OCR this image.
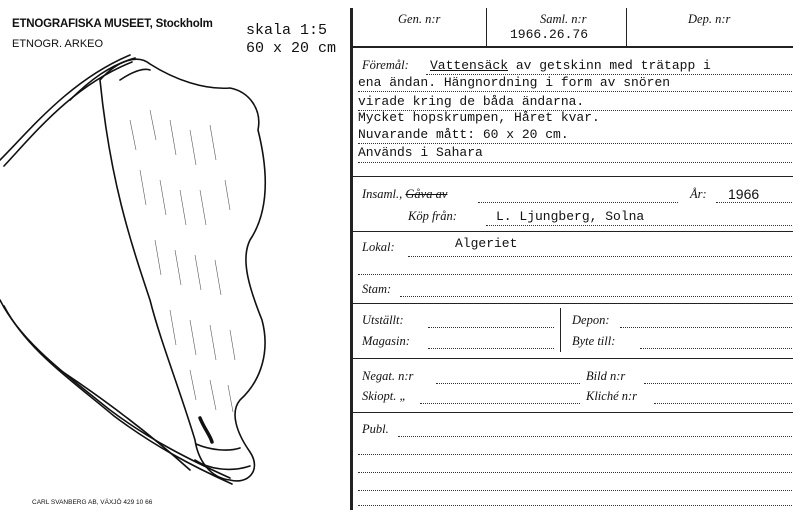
ETNOGRAFISKA MUSEET, Stockholm
ETNOGR. ARKEO
skala 1:5
60 x 20 cm
CARL SVANBERG AB, VÄXJÖ 429 10 66
Gen. n:r	Saml. n:r
1966.26.76
Dep. n:r
Föremål: Vattensäck av getskinn med trätapp i
ena ändan. Hängnordning i form av snören
virade kring de båda ändarna.
Mycket hopskrumpen, Håret kvar.
Nuvarande mått: 60 x 20 cm.
Används i Sahara
Insaml., Gåva av	År: 1966
Köp från:	L. Ljungberg, Solna
Lokal:	Algeriet
Stam:
Utställt:	Depon:
Magasin:	Byte till:
Negat. n:r	Bild n:r
Skiopt. „	Kliché n:r
Publ.
